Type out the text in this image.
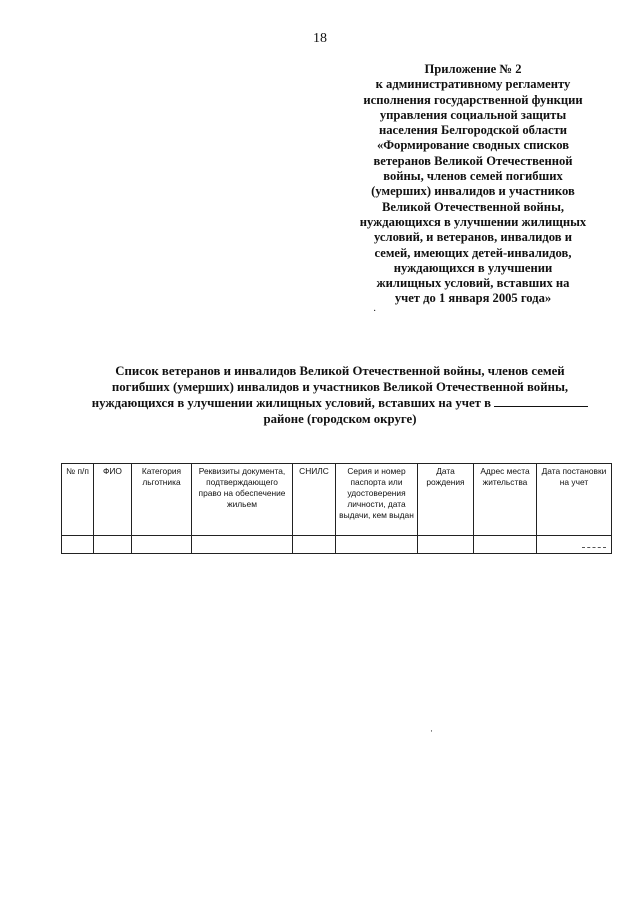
18
Приложение № 2
к административному регламенту
исполнения государственной функции
управления социальной защиты
населения Белгородской области
«Формирование сводных списков
ветеранов Великой Отечественной
войны, членов семей погибших
(умерших) инвалидов и участников
Великой Отечественной войны,
нуждающихся в улучшении жилищных
условий, и ветеранов, инвалидов и
семей, имеющих детей-инвалидов,
нуждающихся в улучшении
жилищных условий, вставших на
учет до 1 января 2005 года»
·
Список ветеранов и инвалидов Великой Отечественной войны, членов семей
погибших (умерших) инвалидов и участников Великой Отечественной войны,
нуждающихся в улучшении жилищных условий, вставших на учет в
районе (городском округе)
№ п/п	ФИО	Категория льготника	Реквизиты документа, подтверждающего право на обеспечение жильем	СНИЛС	Серия и номер паспорта или удостоверения личности, дата выдачи, кем выдан	Дата рождения	Адрес места жительства	Дата постановки на учет

·
